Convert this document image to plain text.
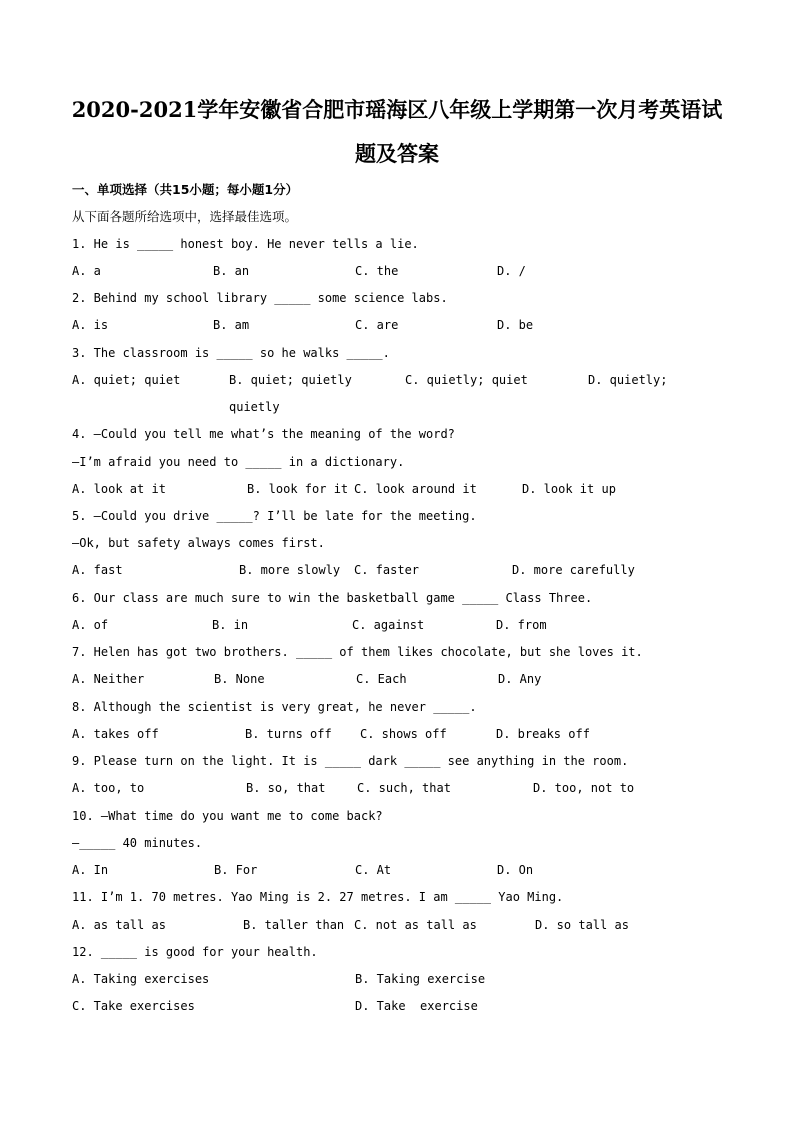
2020-2021学年安徽省合肥市瑶海区八年级上学期第一次月考英语试
题及答案
一、单项选择（共15小题；每小题1分）
从下面各题所给选项中，选择最佳选项。
1. He is _____ honest boy. He never tells a lie.
A. a	B. an	C. the	D. /
2. Behind my school library _____ some science labs.
A. is	B. am	C. are	D. be
3. The classroom is _____ so he walks _____.
A. quiet; quiet	B. quiet; quietly	C. quietly; quiet	D. quietly;
quietly
4. —Could you tell me what’s the meaning of the word?
—I’m afraid you need to _____ in a dictionary.
A. look at it	B. look for it C. look around it	D. look it up
5. —Could you drive _____? I’ll be late for the meeting.
—Ok, but safety always comes first.
A. fast	B. more slowly C. faster	D. more carefully
6. Our class are much sure to win the basketball game _____ Class Three.
A. of	B. in	C. against	D. from
7. Helen has got two brothers. _____ of them likes chocolate, but she loves it.
A. Neither	B. None	C. Each	D. Any
8. Although the scientist is very great, he never _____.
A. takes off	B. turns off C. shows off	D. breaks off
9. Please turn on the light. It is _____ dark _____ see anything in the room.
A. too, to	B. so, that	C. such, that	D. too, not to
10. —What time do you want me to come back?
—_____ 40 minutes.
A. In	B. For	C. At	D. On
11. I’m 1. 70 metres. Yao Ming is 2. 27 metres. I am _____ Yao Ming.
A. as tall as	B. taller than C. not as tall as	D. so tall as
12. _____ is good for your health.
A. Taking exercises	B. Taking exercise
C. Take exercises	D. Take  exercise
